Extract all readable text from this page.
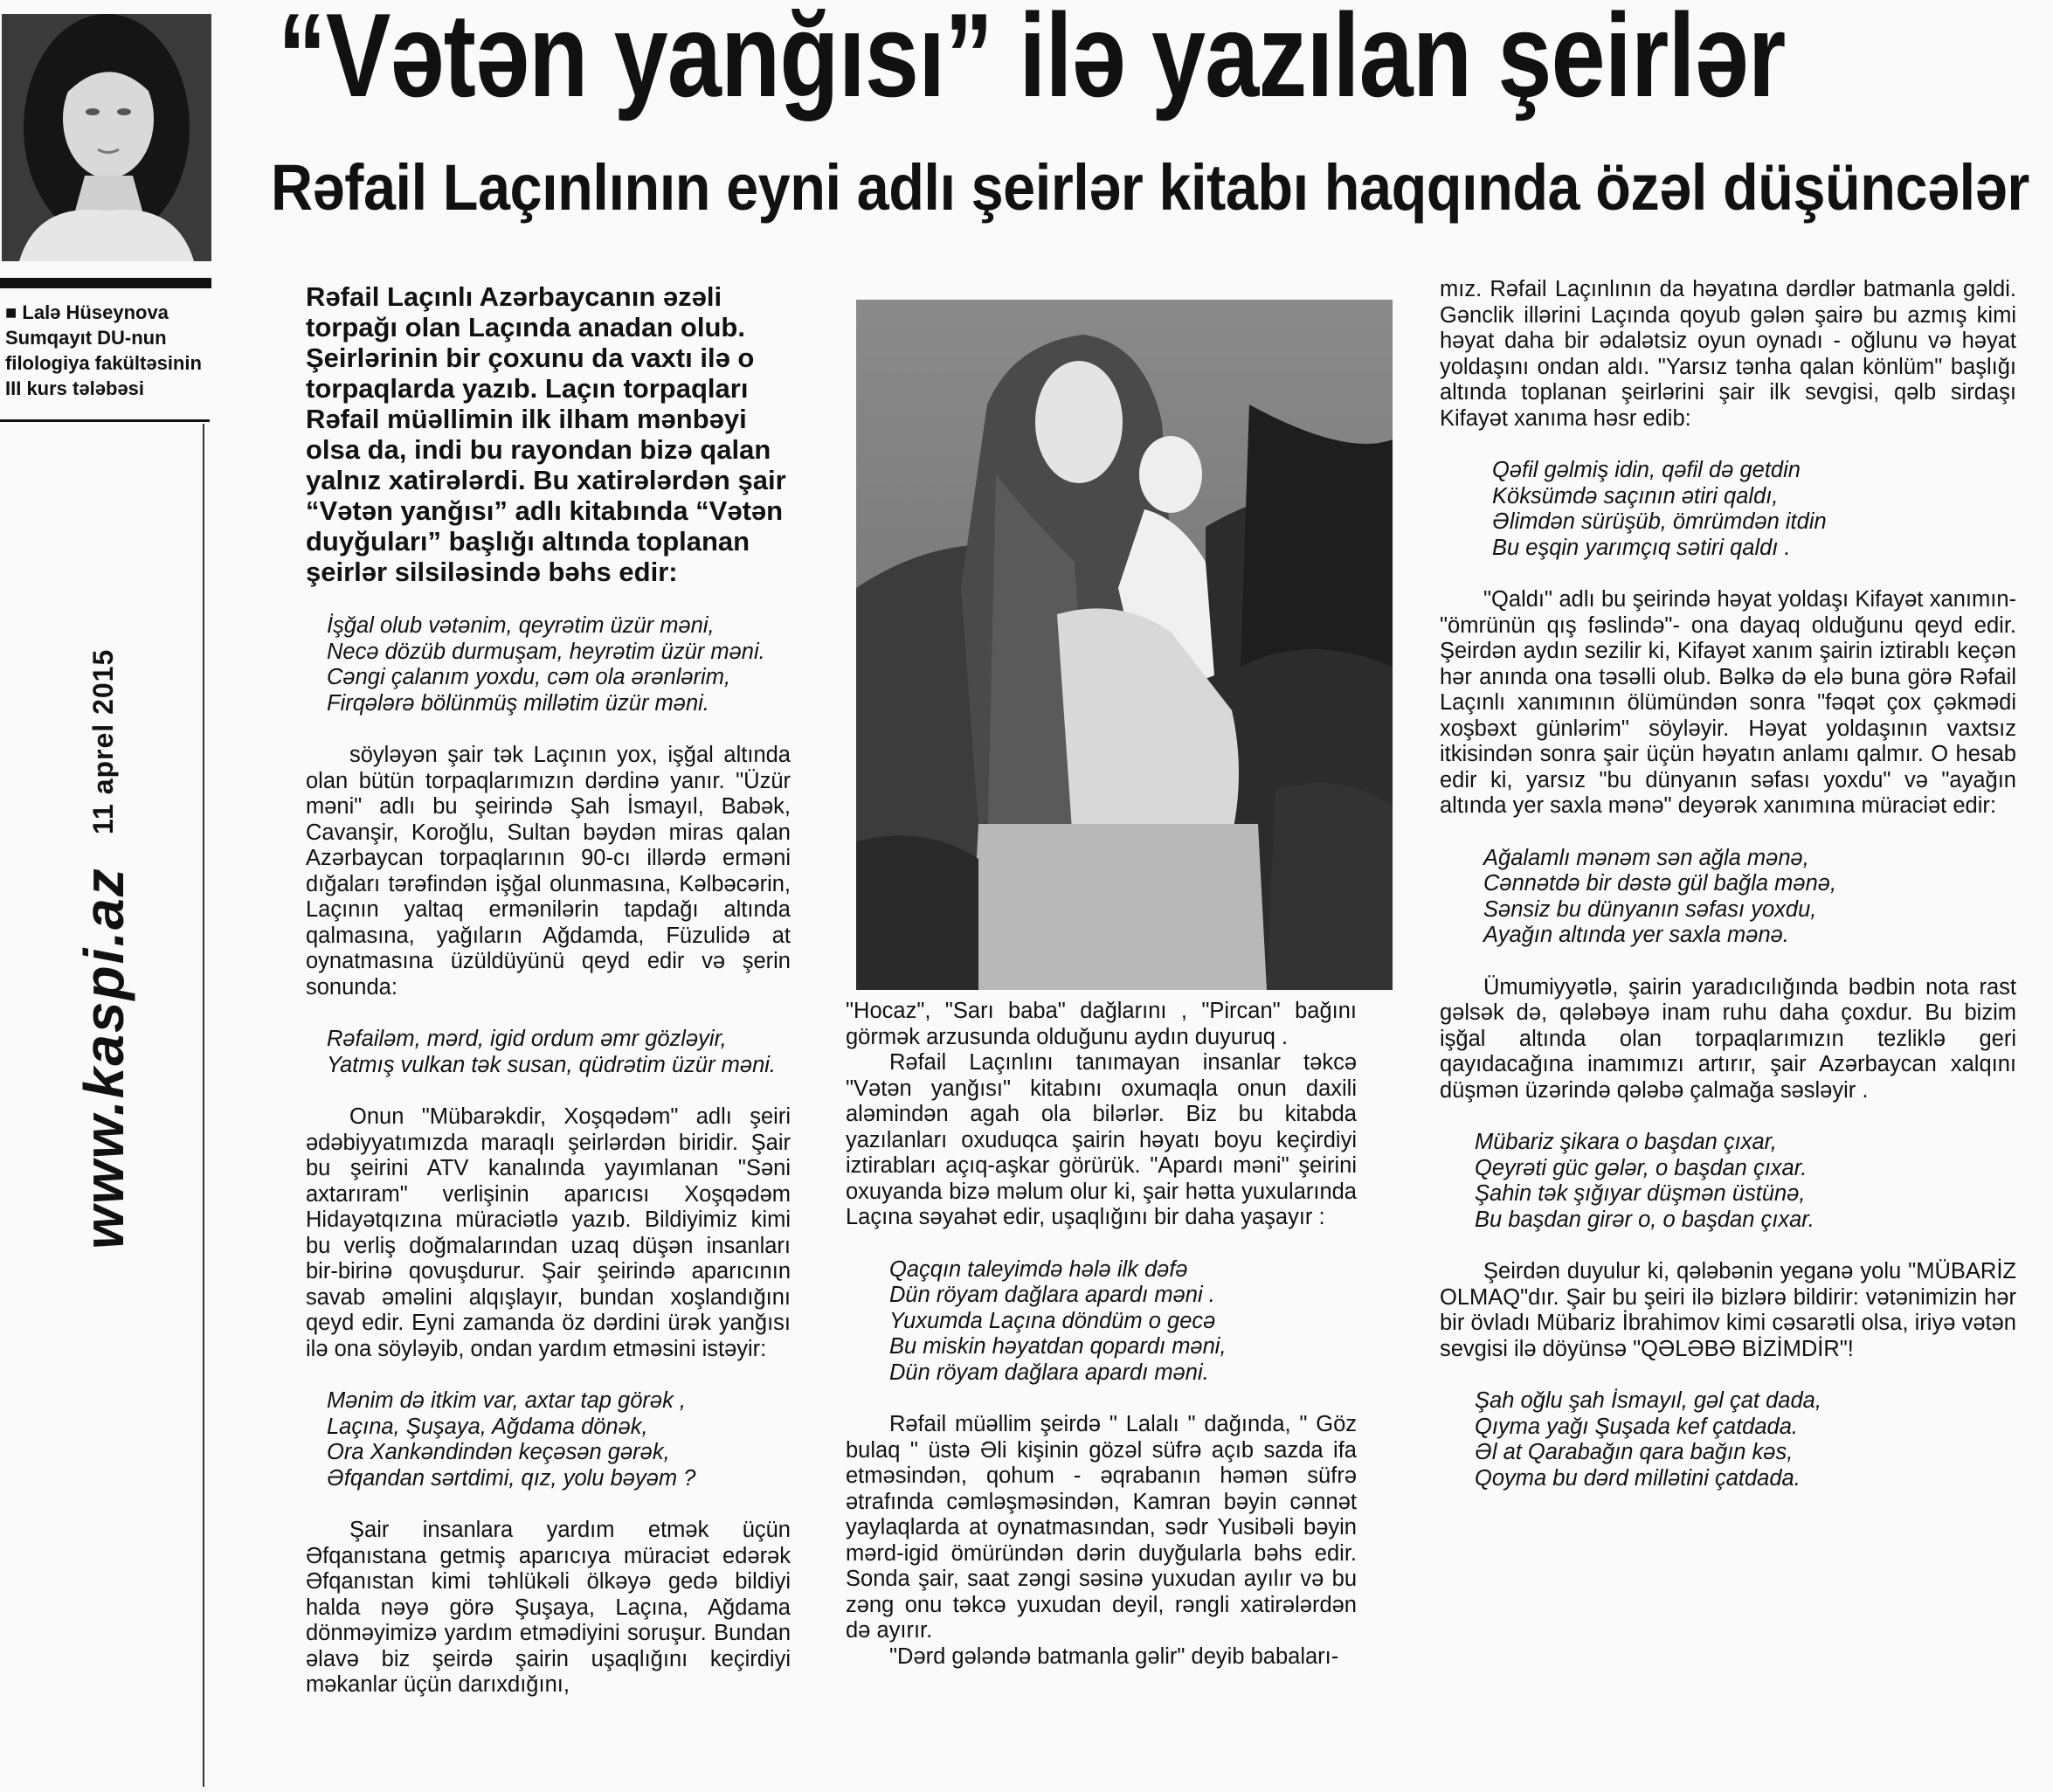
“Vətən yanğısı” ilə yazılan şeirlər
Rəfail Laçınlının eyni adlı şeirlər kitabı haqqında özəl düşüncələr
■ Lalə Hüseynova
Sumqayıt DU-nun
filologiya fakültəsinin
III kurs tələbəsi
11 aprel 2015
www.kaspi.az

Rəfail Laçınlı Azərbaycanın əzəli torpağı olan Laçında anadan olub. Şeirlərinin bir çoxunu da vaxtı ilə o torpaqlarda yazıb. Laçın torpaqları Rəfail müəllimin ilk ilham mənbəyi olsa da, indi bu rayondan bizə qalan yalnız xatirələrdi. Bu xatirələrdən şair “Vətən yanğısı” adlı kitabında “Vətən duyğuları” başlığı altında toplanan şeirlər silsiləsində bəhs edir:

İşğal olub vətənim, qeyrətim üzür məni,
Necə dözüb durmuşam, heyrətim üzür məni.
Cəngi çalanım yoxdu, cəm ola ərənlərim,
Firqələrə bölünmüş millətim üzür məni.

söyləyən şair tək Laçının yox, işğal altında olan bütün torpaqlarımızın dərdinə yanır. "Üzür məni" adlı bu şeirində Şah İsmayıl, Babək, Cavanşir, Koroğlu, Sultan bəydən miras qalan Azərbaycan torpaqlarının 90-cı illərdə erməni dığaları tərəfindən işğal olunmasına, Kəlbəcərin, Laçının yaltaq ermənilərin tapdağı altında qalmasına, yağıların Ağdamda, Füzulidə at oynatmasına üzüldüyünü qeyd edir və şerin sonunda:

Rəfailəm, mərd, igid ordum əmr gözləyir,
Yatmış vulkan tək susan, qüdrətim üzür məni.

Onun "Mübarəkdir, Xoşqədəm" adlı şeiri ədəbiyyatımızda maraqlı şeirlərdən biridir. Şair bu şeirini ATV kanalında yayımlanan "Səni axtarıram" verlişinin aparıcısı Xoşqədəm Hidayətqızına müraciətlə yazıb. Bildiyimiz kimi bu verliş doğmalarından uzaq düşən insanları bir-birinə qovuşdurur. Şair şeirində aparıcının savab əməlini alqışlayır, bundan xoşlandığını qeyd edir. Eyni zamanda öz dərdini ürək yanğısı ilə ona söyləyib, ondan yardım etməsini istəyir:

Mənim də itkim var, axtar tap görək ,
Laçına, Şuşaya, Ağdama dönək,
Ora Xankəndindən keçəsən gərək,
Əfqandan sərtdimi, qız, yolu bəyəm ?

Şair insanlara yardım etmək üçün Əfqanıstana getmiş aparıcıya müraciət edərək Əfqanıstan kimi təhlükəli ölkəyə gedə bildiyi halda nəyə görə Şuşaya, Laçına, Ağdama dönməyimizə yardım etmədiyini soruşur. Bundan əlavə biz şeirdə şairin uşaqlığını keçirdiyi məkanlar üçün darıxdığını,

"Hocaz", "Sarı baba" dağlarını , "Pircan" bağını görmək arzusunda olduğunu aydın duyuruq .

Rəfail Laçınlını tanımayan insanlar təkcə "Vətən yanğısı" kitabını oxumaqla onun daxili aləmindən agah ola bilərlər. Biz bu kitabda yazılanları oxuduqca şairin həyatı boyu keçirdiyi iztirabları açıq-aşkar görürük. "Apardı məni" şeirini oxuyanda bizə məlum olur ki, şair hətta yuxularında Laçına səyahət edir, uşaqlığını bir daha yaşayır :

Qaçqın taleyimdə hələ ilk dəfə
Dün röyam dağlara apardı məni .
Yuxumda Laçına döndüm o gecə
Bu miskin həyatdan qopardı məni,
Dün röyam dağlara apardı məni.

Rəfail müəllim şeirdə " Lalalı " dağında, " Göz bulaq " üstə Əli kişinin gözəl süfrə açıb sazda ifa etməsindən, qohum - əqrabanın həmən süfrə ətrafında cəmləşməsindən, Kamran bəyin cənnət yaylaqlarda at oynatmasından, sədr Yusibəli bəyin mərd-igid ömüründən dərin duyğularla bəhs edir. Sonda şair, saat zəngi səsinə yuxudan ayılır və bu zəng onu təkcə yuxudan deyil, rəngli xatirələrdən də ayırır.

"Dərd gələndə batmanla gəlir" deyib babaları-

mız. Rəfail Laçınlının da həyatına dərdlər batmanla gəldi. Gənclik illərini Laçında qoyub gələn şairə bu azmış kimi həyat daha bir ədalətsiz oyun oynadı - oğlunu və həyat yoldaşını ondan aldı. "Yarsız tənha qalan könlüm" başlığı altında toplanan şeirlərini şair ilk sevgisi, qəlb sirdaşı Kifayət xanıma həsr edib:

Qəfil gəlmiş idin, qəfil də getdin
Köksümdə saçının ətiri qaldı,
Əlimdən sürüşüb, ömrümdən itdin
Bu eşqin yarımçıq sətiri qaldı .

"Qaldı" adlı bu şeirində həyat yoldaşı Kifayət xanımın-"ömrünün qış fəslində"- ona dayaq olduğunu qeyd edir. Şeirdən aydın sezilir ki, Kifayət xanım şairin iztirablı keçən hər anında ona təsəlli olub. Bəlkə də elə buna görə Rəfail Laçınlı xanımının ölümündən sonra "fəqət çox çəkmədi xoşbəxt günlərim" söyləyir. Həyat yoldaşının vaxtsız itkisindən sonra şair üçün həyatın anlamı qalmır. O hesab edir ki, yarsız "bu dünyanın səfası yoxdu" və "ayağın altında yer saxla mənə" deyərək xanımına müraciət edir:

Ağalamlı mənəm sən ağla mənə,
Cənnətdə bir dəstə gül bağla mənə,
Sənsiz bu dünyanın səfası yoxdu,
Ayağın altında yer saxla mənə.

Ümumiyyətlə, şairin yaradıcılığında bədbin nota rast gəlsək də, qələbəyə inam ruhu daha çoxdur. Bu bizim işğal altında olan torpaqlarımızın tezliklə geri qayıdacağına inamımızı artırır, şair Azərbaycan xalqını düşmən üzərində qələbə çalmağa səsləyir .

Mübariz şikara o başdan çıxar,
Qeyrəti güc gələr, o başdan çıxar.
Şahin tək şığıyar düşmən üstünə,
Bu başdan girər o, o başdan çıxar.

Şeirdən duyulur ki, qələbənin yeganə yolu "MÜBARİZ OLMAQ"dır. Şair bu şeiri ilə bizlərə bildirir: vətənimizin hər bir övladı Mübariz İbrahimov kimi cəsarətli olsa, iriyə vətən sevgisi ilə döyünsə "QƏLƏBƏ BİZİMDİR"!

Şah oğlu şah İsmayıl, gəl çat dada,
Qıyma yağı Şuşada kef çatdada.
Əl at Qarabağın qara bağın kəs,
Qoyma bu dərd millətini çatdada.
